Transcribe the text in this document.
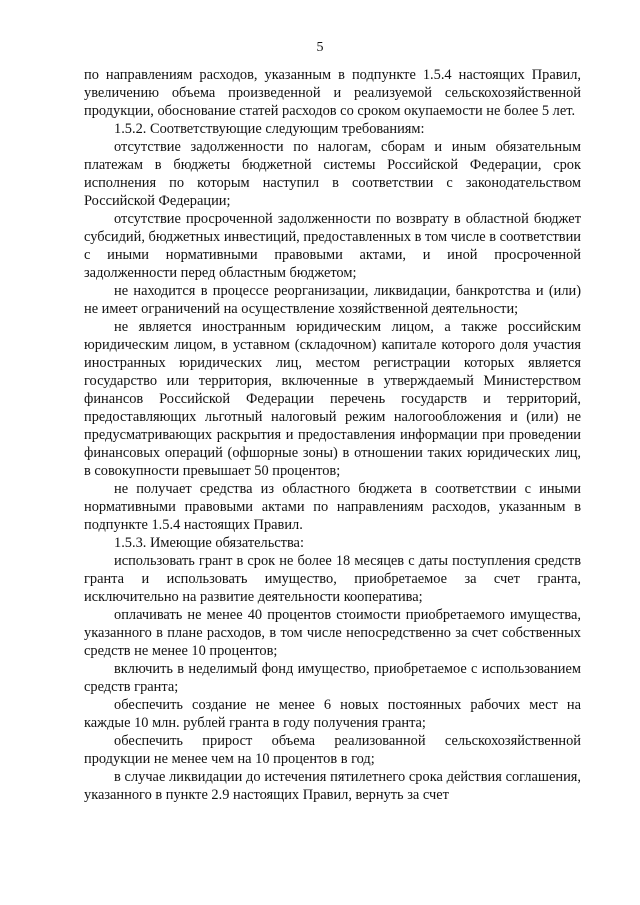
5

по направлениям расходов, указанным в подпункте 1.5.4 настоящих Правил, увеличению объема произведенной и реализуемой сельскохозяйственной продукции, обоснование статей расходов со сроком окупаемости не более 5 лет.

1.5.2. Соответствующие следующим требованиям:

отсутствие задолженности по налогам, сборам и иным обязательным платежам в бюджеты бюджетной системы Российской Федерации, срок исполнения по которым наступил в соответствии с законодательством Российской Федерации;

отсутствие просроченной задолженности по возврату в областной бюджет субсидий, бюджетных инвестиций, предоставленных в том числе в соответствии с иными нормативными правовыми актами, и иной просроченной задолженности перед областным бюджетом;

не находится в процессе реорганизации, ликвидации, банкротства и (или) не имеет ограничений на осуществление хозяйственной деятельности;

не является иностранным юридическим лицом, а также российским юридическим лицом, в уставном (складочном) капитале которого доля участия иностранных юридических лиц, местом регистрации которых является государство или территория, включенные в утверждаемый Министерством финансов Российской Федерации перечень государств и территорий, предоставляющих льготный налоговый режим налогообложения и (или) не предусматривающих раскрытия и предоставления информации при проведении финансовых операций (офшорные зоны) в отношении таких юридических лиц, в совокупности превышает 50 процентов;

не получает средства из областного бюджета в соответствии с иными нормативными правовыми актами по направлениям расходов, указанным в подпункте 1.5.4 настоящих Правил.

1.5.3. Имеющие обязательства:

использовать грант в срок не более 18 месяцев с даты поступления средств гранта и использовать имущество, приобретаемое за счет гранта, исключительно на развитие деятельности кооператива;

оплачивать не менее 40 процентов стоимости приобретаемого имущества, указанного в плане расходов, в том числе непосредственно за счет собственных средств не менее 10 процентов;

включить в неделимый фонд имущество, приобретаемое с использованием средств гранта;

обеспечить создание не менее 6 новых постоянных рабочих мест на каждые 10 млн. рублей гранта в году получения гранта;

обеспечить прирост объема реализованной сельскохозяйственной продукции не менее чем на 10 процентов в год;

в случае ликвидации до истечения пятилетнего срока действия соглашения, указанного в пункте 2.9 настоящих Правил, вернуть за счет
